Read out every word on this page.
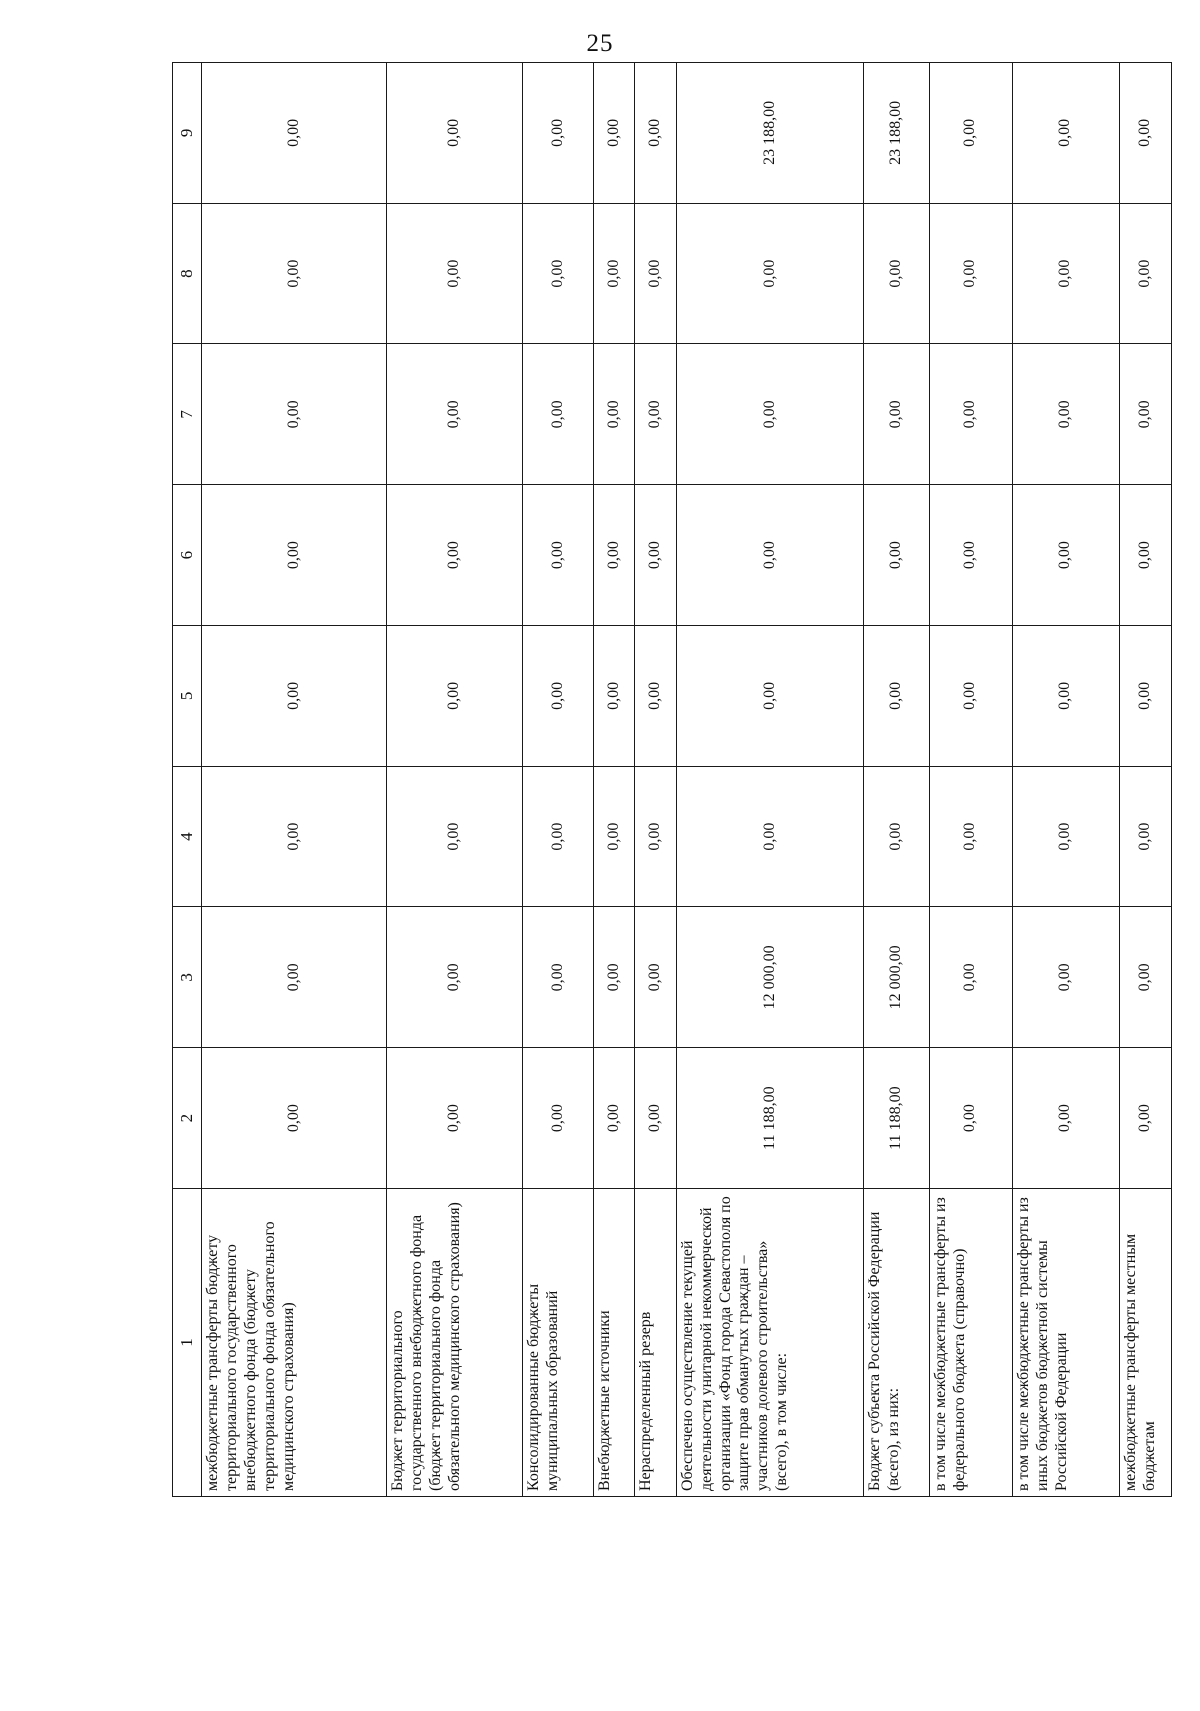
25
1	2	3	4	5	6	7	8	9
межбюджетные трансферты бюджету территориального государственного внебюджетного фонда (бюджету территориального фонда обязательного медицинского страхования)	0,00	0,00	0,00	0,00	0,00	0,00	0,00	0,00
Бюджет территориального государственного внебюджетного фонда (бюджет территориального фонда обязательного медицинского страхования)	0,00	0,00	0,00	0,00	0,00	0,00	0,00	0,00
Консолидированные бюджеты муниципальных образований	0,00	0,00	0,00	0,00	0,00	0,00	0,00	0,00
Внебюджетные источники	0,00	0,00	0,00	0,00	0,00	0,00	0,00	0,00
Нераспределенный резерв	0,00	0,00	0,00	0,00	0,00	0,00	0,00	0,00
Обеспечено осуществление текущей деятельности унитарной некоммерческой организации «Фонд города Севастополя по защите прав обманутых граждан – участников долевого строительства» (всего), в том числе:	11 188,00	12 000,00	0,00	0,00	0,00	0,00	0,00	23 188,00
Бюджет субъекта Российской Федерации (всего), из них:	11 188,00	12 000,00	0,00	0,00	0,00	0,00	0,00	23 188,00
в том числе межбюджетные трансферты из федерального бюджета (справочно)	0,00	0,00	0,00	0,00	0,00	0,00	0,00	0,00
в том числе межбюджетные трансферты из иных бюджетов бюджетной системы Российской Федерации	0,00	0,00	0,00	0,00	0,00	0,00	0,00	0,00
межбюджетные трансферты местным бюджетам	0,00	0,00	0,00	0,00	0,00	0,00	0,00	0,00
